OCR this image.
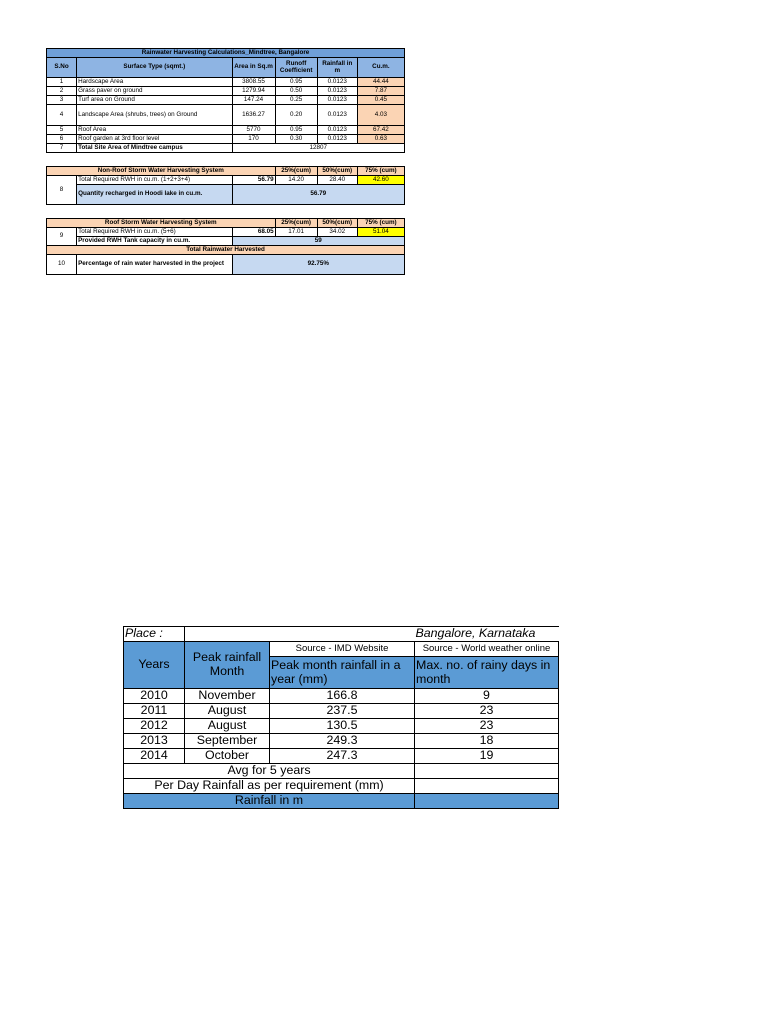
Rainwater Harvesting Calculations_Mindtree, Bangalore					
S.No	Surface Type (sqmt.)	Area in Sq.m	Runoff Coefficient	Rainfall in m	Cu.m.
1	Hardscape Area	3808.55	0.95	0.0123	44.44
2	Grass paver on ground	1279.94	0.50	0.0123	7.87
3	Turf area on Ground	147.24	0.25	0.0123	0.45
4	Landscape Area (shrubs, trees) on Ground	1636.27	0.20	0.0123	4.03
5	Roof Area	5770	0.95	0.0123	67.42
6	Roof garden at 3rd floor level	170	0.30	0.0123	0.63
7	Total Site Area of Mindtree campus	12807			

Non-Roof Storm Water Harvesting System			25%(cum)	50%(cum)	75% (cum)
8	Total Required RWH in cu.m. (1+2+3+4)	56.79	14.20	28.40	42.60
	Quantity recharged in Hoodi lake in cu.m.	56.79			

Roof Storm Water Harvesting System			25%(cum)	50%(cum)	75% (cum)
9	Total Required RWH in cu.m. (5+6)	68.05	17.01	34.02	51.04
	Provided RWH Tank capacity in cu.m.	59			
Total Rainwater Harvested					
10	Percentage of rain water harvested in the project	92.75%			
Place :			Bangalore, Karnataka
Years	Peak rainfall Month	Source - IMD Website	Source - World weather online
		Peak month rainfall in a year (mm)	Max. no. of rainy days in month
2010	November	166.8	9
2011	August	237.5	23
2012	August	130.5	23
2013	September	249.3	18
2014	October	247.3	19
Avg for 5 years			
Per Day Rainfall as per requirement (mm)			
Rainfall in m			
